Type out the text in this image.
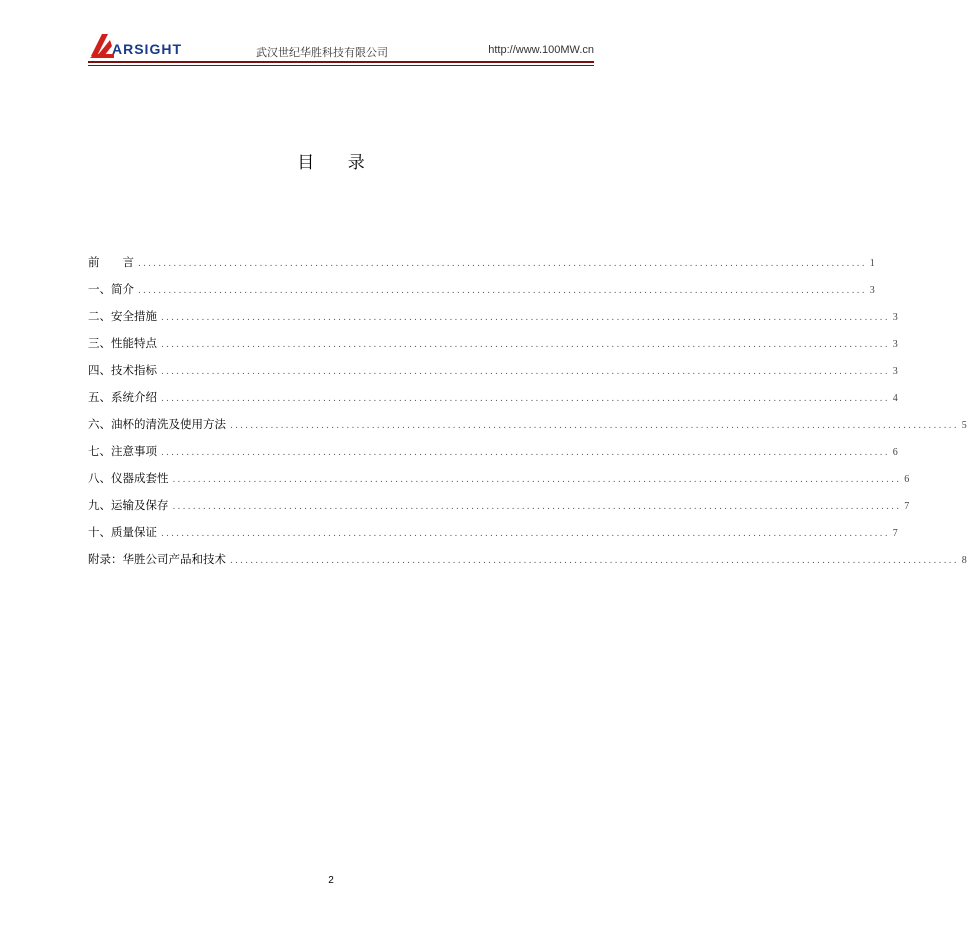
ARSIGHT	武汉世纪华胜科技有限公司	http://www.100MW.cn
目 录
前　　言 ................................................................................................................................................ 1
一、简介 ................................................................................................................................................ 3
二、安全措施 ................................................................................................................................................ 3
三、性能特点 ................................................................................................................................................ 3
四、技术指标 ................................................................................................................................................ 3
五、系统介绍 ................................................................................................................................................ 4
六、油杯的清洗及使用方法 ................................................................................................................................................ 5
七、注意事项 ................................................................................................................................................ 6
八、仪器成套性 ................................................................................................................................................ 6
九、运输及保存 ................................................................................................................................................ 7
十、质量保证 ................................................................................................................................................ 7
附录：华胜公司产品和技术 ................................................................................................................................................ 8
2
